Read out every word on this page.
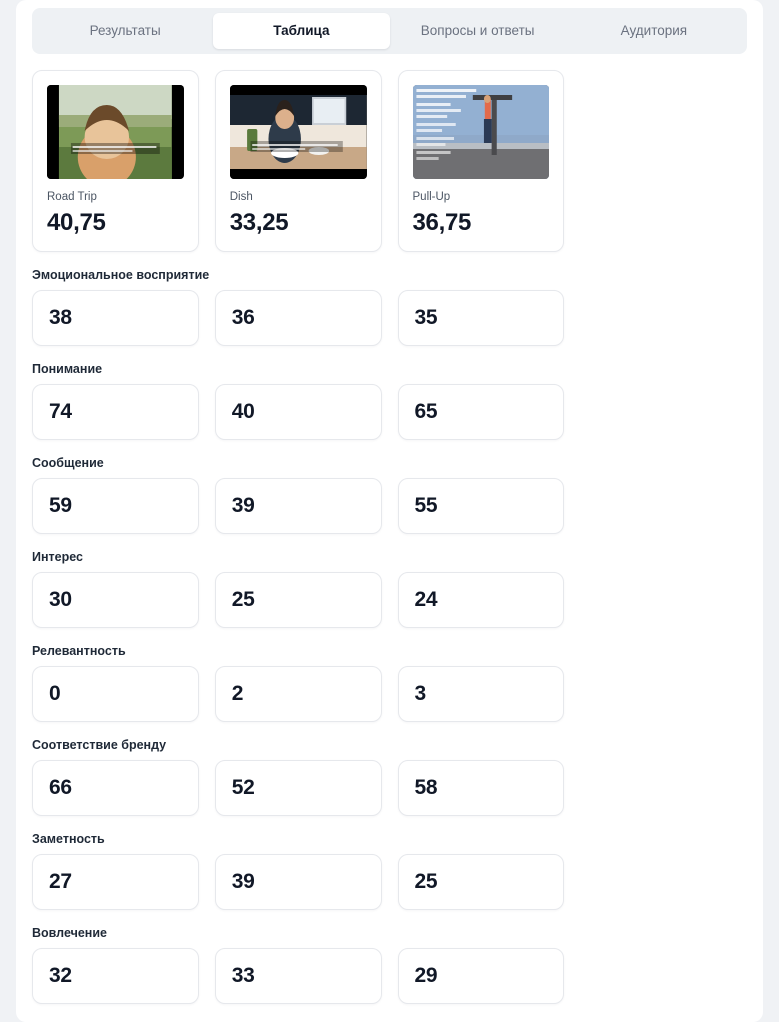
Результаты	Таблица	Вопросы и ответы	Аудитория
Road Trip
40,75
Dish
33,25
Pull-Up
36,75
Эмоциональное восприятие
38	36	35
Понимание
74	40	65
Сообщение
59	39	55
Интерес
30	25	24
Релевантность
0	2	3
Соответствие бренду
66	52	58
Заметность
27	39	25
Вовлечение
32	33	29
